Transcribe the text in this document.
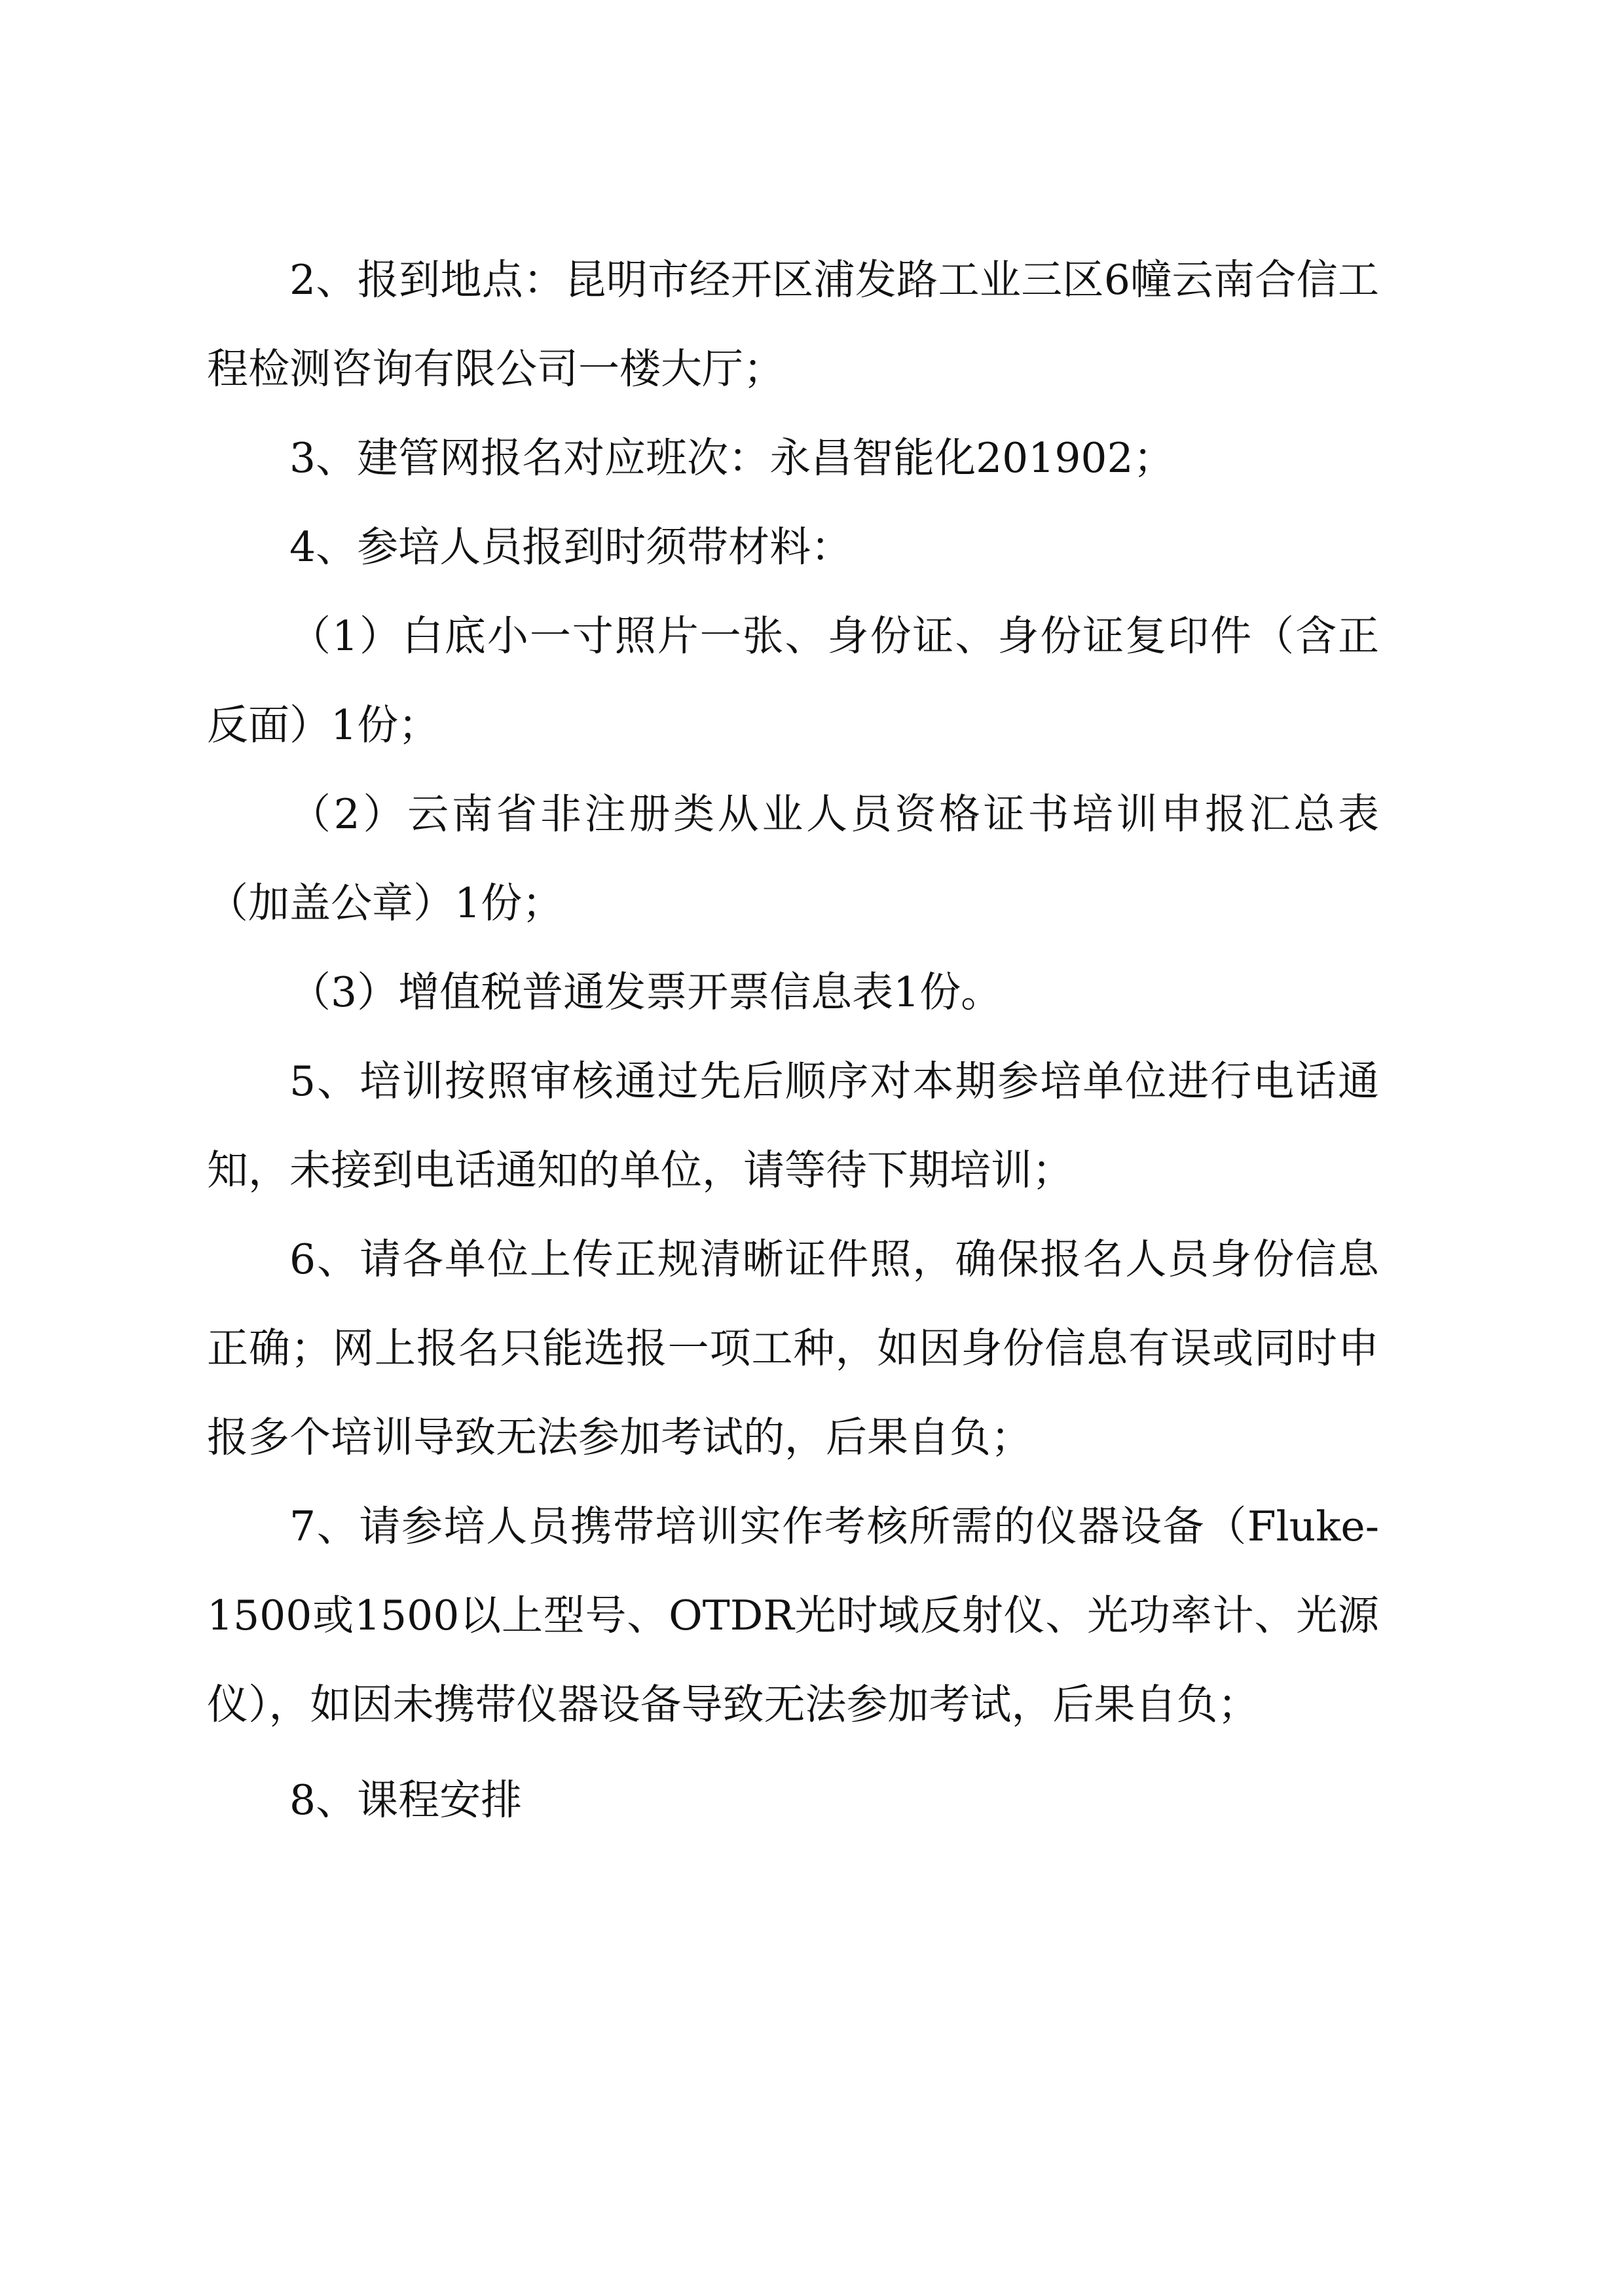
2、报到地点：昆明市经开区浦发路工业三区6幢云南合信工程检测咨询有限公司一楼大厅；

3、建管网报名对应班次：永昌智能化201902；

4、参培人员报到时须带材料：

（1）白底小一寸照片一张、身份证、身份证复印件（含正反面）1份；

（2）云南省非注册类从业人员资格证书培训申报汇总表（加盖公章）1份；

（3）增值税普通发票开票信息表1份。

5、培训按照审核通过先后顺序对本期参培单位进行电话通知，未接到电话通知的单位，请等待下期培训；

6、请各单位上传正规清晰证件照，确保报名人员身份信息正确；网上报名只能选报一项工种，如因身份信息有误或同时申报多个培训导致无法参加考试的，后果自负；

7、请参培人员携带培训实作考核所需的仪器设备（Fluke-1500或1500以上型号、OTDR光时域反射仪、光功率计、光源仪），如因未携带仪器设备导致无法参加考试，后果自负；

8、课程安排
